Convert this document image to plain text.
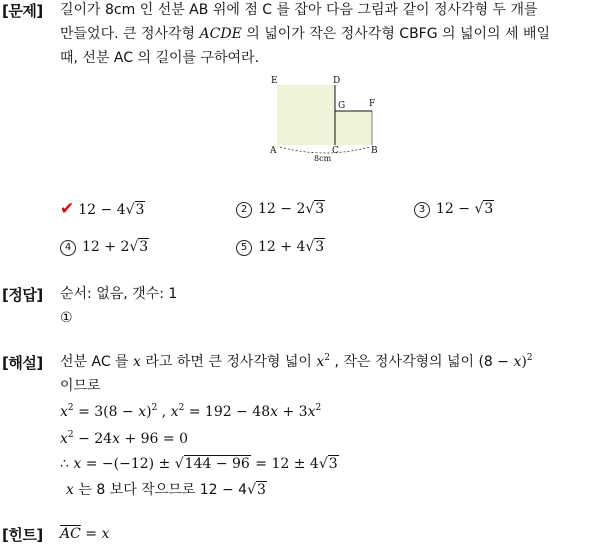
[문제] 길이가 8cm 인 선분 AB 위에 점 C 를 잡아 다음 그림과 같이 정사각형 두 개를
만들었다. 큰 정사각형 ACDE 의 넓이가 작은 정사각형 CBFG 의 넓이의 세 배일
때, 선분 AC 의 길이를 구하여라.
E	D
G	F
A	C	B
8cm
✔ 12 − 4√3	2 12 − 2√3	3 12 − √3
4 12 + 2√3	5 12 + 4√3
[정답] 순서: 없음, 갯수: 1
①
[해설] 선분 AC 를 x 라고 하면 큰 정사각형 넓이 $x^2$ , 작은 정사각형의 넓이 $(8 - x)^2$
이므로
$x^2 = 3(8 - x)^2$ , $x^2 = 192 - 48x + 3x^2$
$x^2 - 24x + 96 = 0$
∴ x = −(−12) ± √144 − 96 = 12 ± 4√3
x 는 8 보다 작으므로 12 − 4√3
[힌트] $\overline{AC} = x$
